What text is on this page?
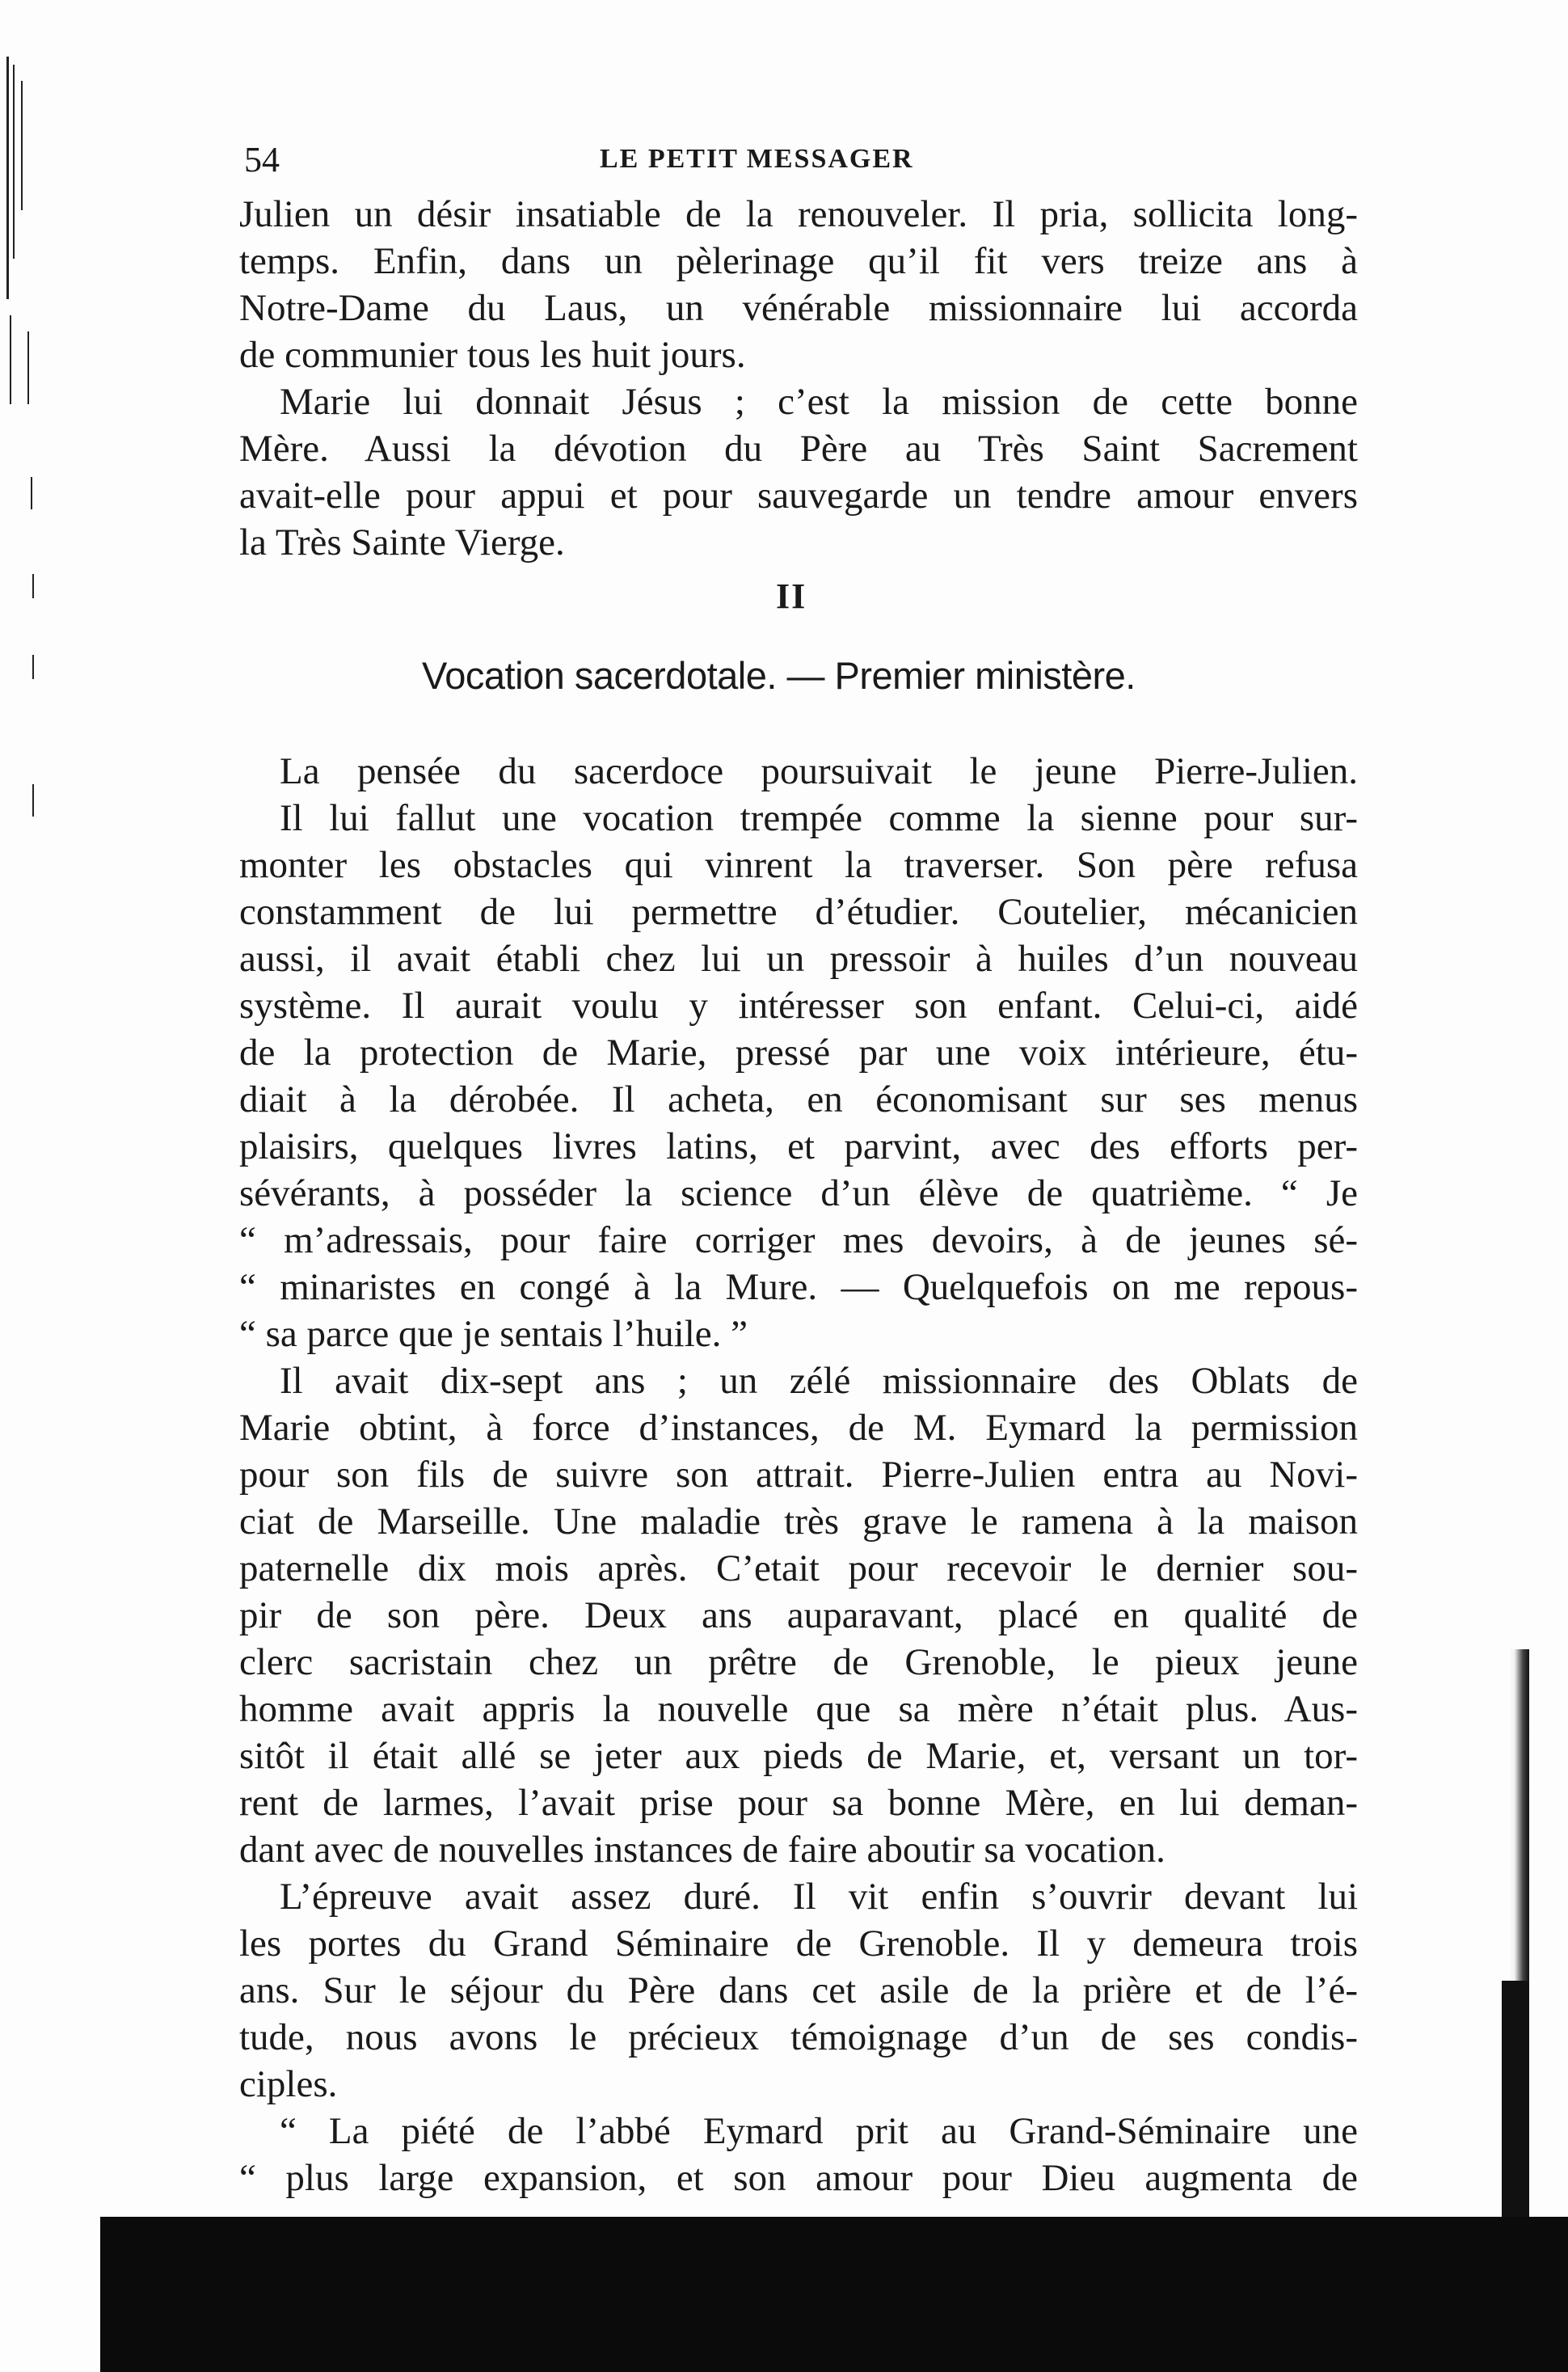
54	LE PETIT MESSAGER
Julien un désir insatiable de la renouveler. Il pria, sollicita long-
temps. Enfin, dans un pèlerinage qu’il fit vers treize ans à
Notre-Dame du Laus, un vénérable missionnaire lui accorda
de communier tous les huit jours.
Marie lui donnait Jésus ; c’est la mission de cette bonne
Mère. Aussi la dévotion du Père au Très Saint Sacrement
avait-elle pour appui et pour sauvegarde un tendre amour envers
la Très Sainte Vierge.
II
Vocation sacerdotale. — Premier ministère.
La pensée du sacerdoce poursuivait le jeune Pierre-Julien.
Il lui fallut une vocation trempée comme la sienne pour sur-
monter les obstacles qui vinrent la traverser. Son père refusa
constamment de lui permettre d’étudier. Coutelier, mécanicien
aussi, il avait établi chez lui un pressoir à huiles d’un nouveau
système. Il aurait voulu y intéresser son enfant. Celui-ci, aidé
de la protection de Marie, pressé par une voix intérieure, étu-
diait à la dérobée. Il acheta, en économisant sur ses menus
plaisirs, quelques livres latins, et parvint, avec des efforts per-
sévérants, à posséder la science d’un élève de quatrième. “ Je
“ m’adressais, pour faire corriger mes devoirs, à de jeunes sé-
“ minaristes en congé à la Mure. — Quelquefois on me repous-
“ sa parce que je sentais l’huile. ”
Il avait dix-sept ans ; un zélé missionnaire des Oblats de
Marie obtint, à force d’instances, de M. Eymard la permission
pour son fils de suivre son attrait. Pierre-Julien entra au Novi-
ciat de Marseille. Une maladie très grave le ramena à la maison
paternelle dix mois après. C’etait pour recevoir le dernier sou-
pir de son père. Deux ans auparavant, placé en qualité de
clerc sacristain chez un prêtre de Grenoble, le pieux jeune
homme avait appris la nouvelle que sa mère n’était plus. Aus-
sitôt il était allé se jeter aux pieds de Marie, et, versant un tor-
rent de larmes, l’avait prise pour sa bonne Mère, en lui deman-
dant avec de nouvelles instances de faire aboutir sa vocation.
L’épreuve avait assez duré. Il vit enfin s’ouvrir devant lui
les portes du Grand Séminaire de Grenoble. Il y demeura trois
ans. Sur le séjour du Père dans cet asile de la prière et de l’é-
tude, nous avons le précieux témoignage d’un de ses condis-
ciples.
“ La piété de l’abbé Eymard prit au Grand-Séminaire une
“ plus large expansion, et son amour pour Dieu augmenta de
